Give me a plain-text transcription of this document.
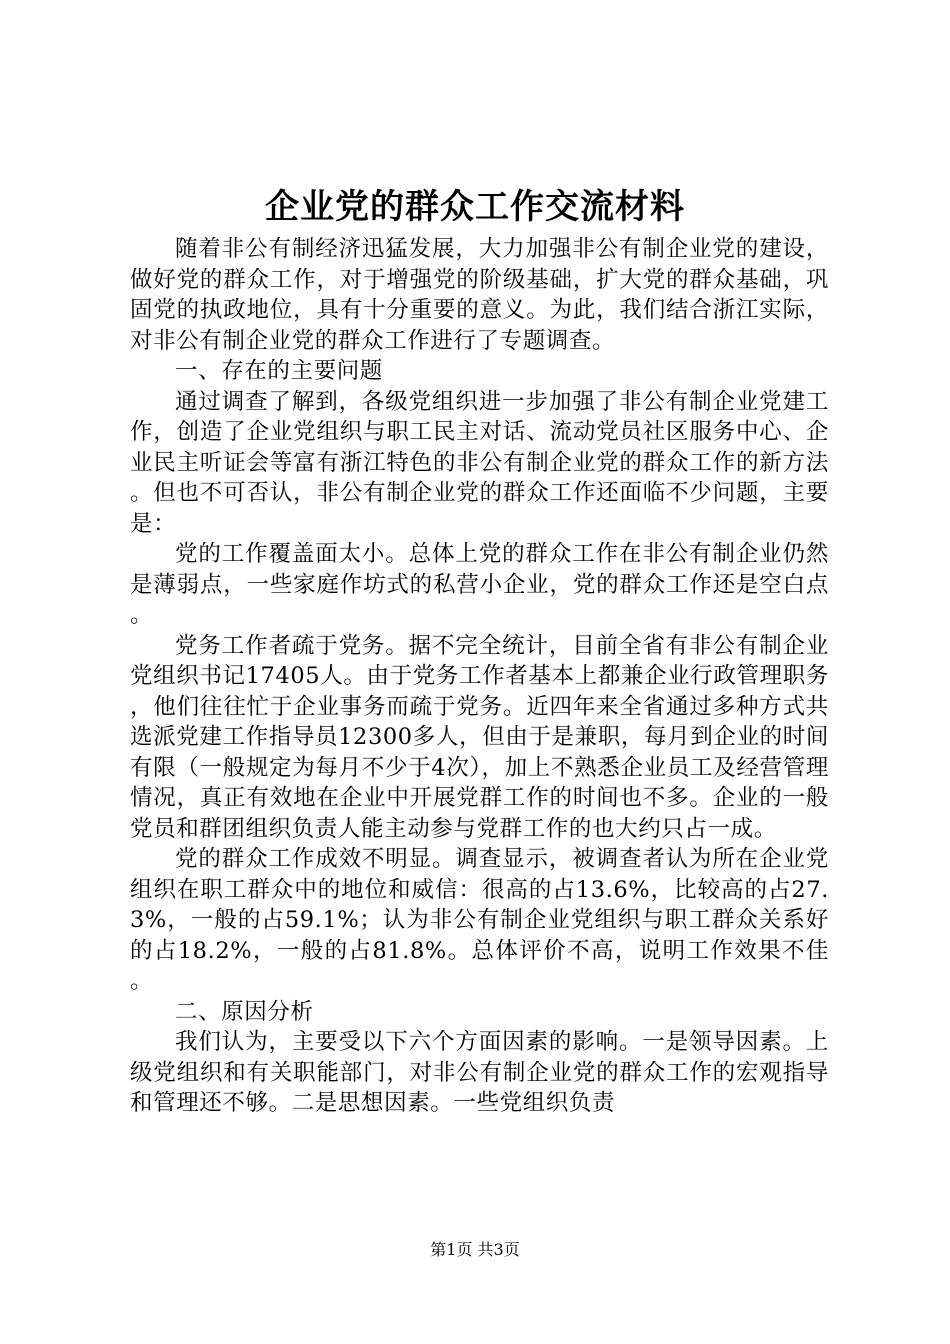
企业党的群众工作交流材料

随着非公有制经济迅猛发展，大力加强非公有制企业党的建设，做好党的群众工作，对于增强党的阶级基础，扩大党的群众基础，巩固党的执政地位，具有十分重要的意义。为此，我们结合浙江实际，对非公有制企业党的群众工作进行了专题调查。

一、存在的主要问题

通过调查了解到，各级党组织进一步加强了非公有制企业党建工作，创造了企业党组织与职工民主对话、流动党员社区服务中心、企业民主听证会等富有浙江特色的非公有制企业党的群众工作的新方法。但也不可否认，非公有制企业党的群众工作还面临不少问题，主要是：

党的工作覆盖面太小。总体上党的群众工作在非公有制企业仍然是薄弱点，一些家庭作坊式的私营小企业，党的群众工作还是空白点。

党务工作者疏于党务。据不完全统计，目前全省有非公有制企业党组织书记17405人。由于党务工作者基本上都兼企业行政管理职务，他们往往忙于企业事务而疏于党务。近四年来全省通过多种方式共选派党建工作指导员12300多人，但由于是兼职，每月到企业的时间有限（一般规定为每月不少于4次），加上不熟悉企业员工及经营管理情况，真正有效地在企业中开展党群工作的时间也不多。企业的一般党员和群团组织负责人能主动参与党群工作的也大约只占一成。

党的群众工作成效不明显。调查显示，被调查者认为所在企业党组织在职工群众中的地位和威信：很高的占13.6%，比较高的占27.3%，一般的占59.1%；认为非公有制企业党组织与职工群众关系好的占18.2%，一般的占81.8%。总体评价不高，说明工作效果不佳。

二、原因分析

我们认为，主要受以下六个方面因素的影响。一是领导因素。上级党组织和有关职能部门，对非公有制企业党的群众工作的宏观指导和管理还不够。二是思想因素。一些党组织负责

第1页 共3页
